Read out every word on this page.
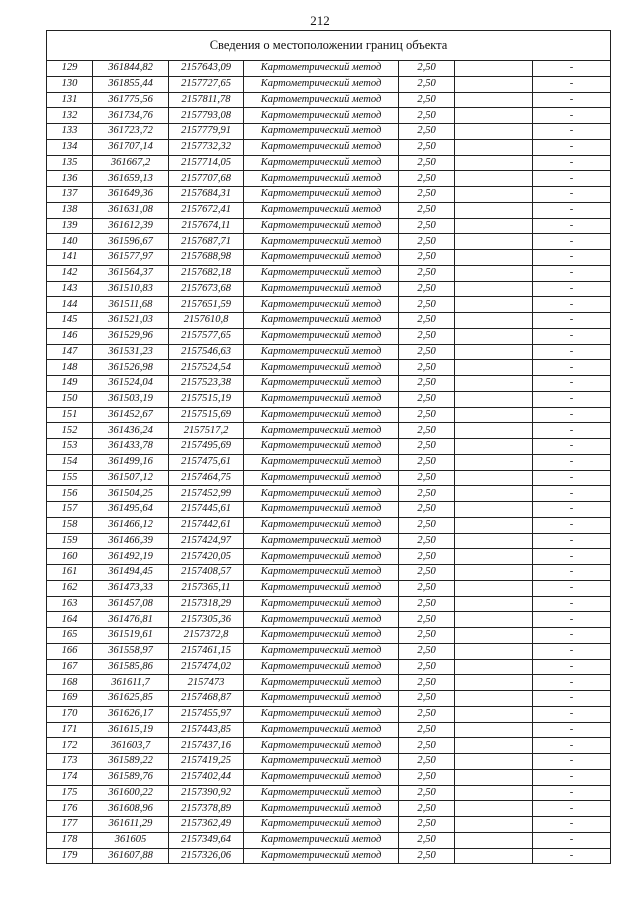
212
Сведения о местоположении границ объекта						
129	361844,82	2157643,09	Картометрический метод	2,50		-
130	361855,44	2157727,65	Картометрический метод	2,50		-
131	361775,56	2157811,78	Картометрический метод	2,50		-
132	361734,76	2157793,08	Картометрический метод	2,50		-
133	361723,72	2157779,91	Картометрический метод	2,50		-
134	361707,14	2157732,32	Картометрический метод	2,50		-
135	361667,2	2157714,05	Картометрический метод	2,50		-
136	361659,13	2157707,68	Картометрический метод	2,50		-
137	361649,36	2157684,31	Картометрический метод	2,50		-
138	361631,08	2157672,41	Картометрический метод	2,50		-
139	361612,39	2157674,11	Картометрический метод	2,50		-
140	361596,67	2157687,71	Картометрический метод	2,50		-
141	361577,97	2157688,98	Картометрический метод	2,50		-
142	361564,37	2157682,18	Картометрический метод	2,50		-
143	361510,83	2157673,68	Картометрический метод	2,50		-
144	361511,68	2157651,59	Картометрический метод	2,50		-
145	361521,03	2157610,8	Картометрический метод	2,50		-
146	361529,96	2157577,65	Картометрический метод	2,50		-
147	361531,23	2157546,63	Картометрический метод	2,50		-
148	361526,98	2157524,54	Картометрический метод	2,50		-
149	361524,04	2157523,38	Картометрический метод	2,50		-
150	361503,19	2157515,19	Картометрический метод	2,50		-
151	361452,67	2157515,69	Картометрический метод	2,50		-
152	361436,24	2157517,2	Картометрический метод	2,50		-
153	361433,78	2157495,69	Картометрический метод	2,50		-
154	361499,16	2157475,61	Картометрический метод	2,50		-
155	361507,12	2157464,75	Картометрический метод	2,50		-
156	361504,25	2157452,99	Картометрический метод	2,50		-
157	361495,64	2157445,61	Картометрический метод	2,50		-
158	361466,12	2157442,61	Картометрический метод	2,50		-
159	361466,39	2157424,97	Картометрический метод	2,50		-
160	361492,19	2157420,05	Картометрический метод	2,50		-
161	361494,45	2157408,57	Картометрический метод	2,50		-
162	361473,33	2157365,11	Картометрический метод	2,50		-
163	361457,08	2157318,29	Картометрический метод	2,50		-
164	361476,81	2157305,36	Картометрический метод	2,50		-
165	361519,61	2157372,8	Картометрический метод	2,50		-
166	361558,97	2157461,15	Картометрический метод	2,50		-
167	361585,86	2157474,02	Картометрический метод	2,50		-
168	361611,7	2157473	Картометрический метод	2,50		-
169	361625,85	2157468,87	Картометрический метод	2,50		-
170	361626,17	2157455,97	Картометрический метод	2,50		-
171	361615,19	2157443,85	Картометрический метод	2,50		-
172	361603,7	2157437,16	Картометрический метод	2,50		-
173	361589,22	2157419,25	Картометрический метод	2,50		-
174	361589,76	2157402,44	Картометрический метод	2,50		-
175	361600,22	2157390,92	Картометрический метод	2,50		-
176	361608,96	2157378,89	Картометрический метод	2,50		-
177	361611,29	2157362,49	Картометрический метод	2,50		-
178	361605	2157349,64	Картометрический метод	2,50		-
179	361607,88	2157326,06	Картометрический метод	2,50		-
